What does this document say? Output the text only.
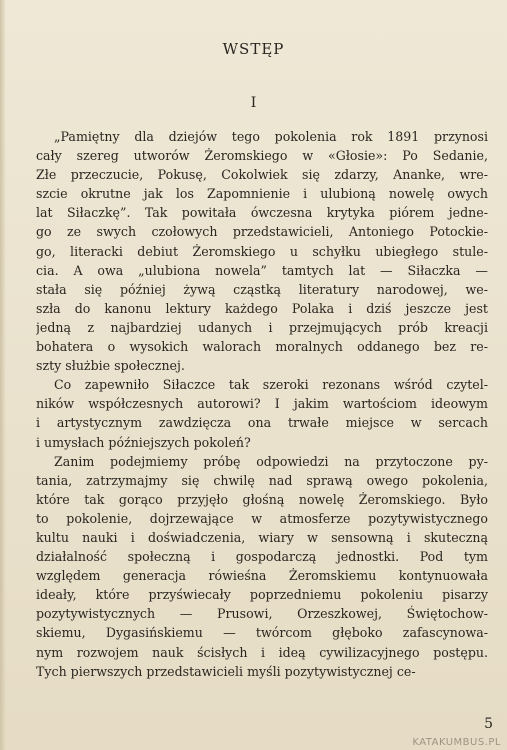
WSTĘP
I
„Pamiętny dla dziejów tego pokolenia rok 1891 przynosi
cały szereg utworów Żeromskiego w «Głosie»: Po Sedanie,
Złe przeczucie, Pokusę, Cokolwiek się zdarzy, Ananke, wre-
szcie okrutne jak los Zapomnienie i ulubioną nowelę owych
lat Siłaczkę”. Tak powitała ówczesna krytyka piórem jedne-
go ze swych czołowych przedstawicieli, Antoniego Potockie-
go, literacki debiut Żeromskiego u schyłku ubiegłego stule-
cia. A owa „ulubiona nowela” tamtych lat — Siłaczka —
stała się później żywą cząstką literatury narodowej, we-
szła do kanonu lektury każdego Polaka i dziś jeszcze jest
jedną z najbardziej udanych i przejmujących prób kreacji
bohatera o wysokich walorach moralnych oddanego bez re-
szty służbie społecznej.
Co zapewniło Siłaczce tak szeroki rezonans wśród czytel-
ników współczesnych autorowi? I jakim wartościom ideowym
i artystycznym zawdzięcza ona trwałe miejsce w sercach
i umysłach późniejszych pokoleń?
Zanim podejmiemy próbę odpowiedzi na przytoczone py-
tania, zatrzymajmy się chwilę nad sprawą owego pokolenia,
które tak gorąco przyjęło głośną nowelę Żeromskiego. Było
to pokolenie, dojrzewające w atmosferze pozytywistycznego
kultu nauki i doświadczenia, wiary w sensowną i skuteczną
działalność społeczną i gospodarczą jednostki. Pod tym
względem generacja rówieśna Żeromskiemu kontynuowała
ideały, które przyświecały poprzedniemu pokoleniu pisarzy
pozytywistycznych — Prusowi, Orzeszkowej, Świętochow-
skiemu, Dygasińskiemu — twórcom głęboko zafascynowa-
nym rozwojem nauk ścisłych i ideą cywilizacyjnego postępu.
Tych pierwszych przedstawicieli myśli pozytywistycznej ce-
5
KATAKUMBUS.PL
